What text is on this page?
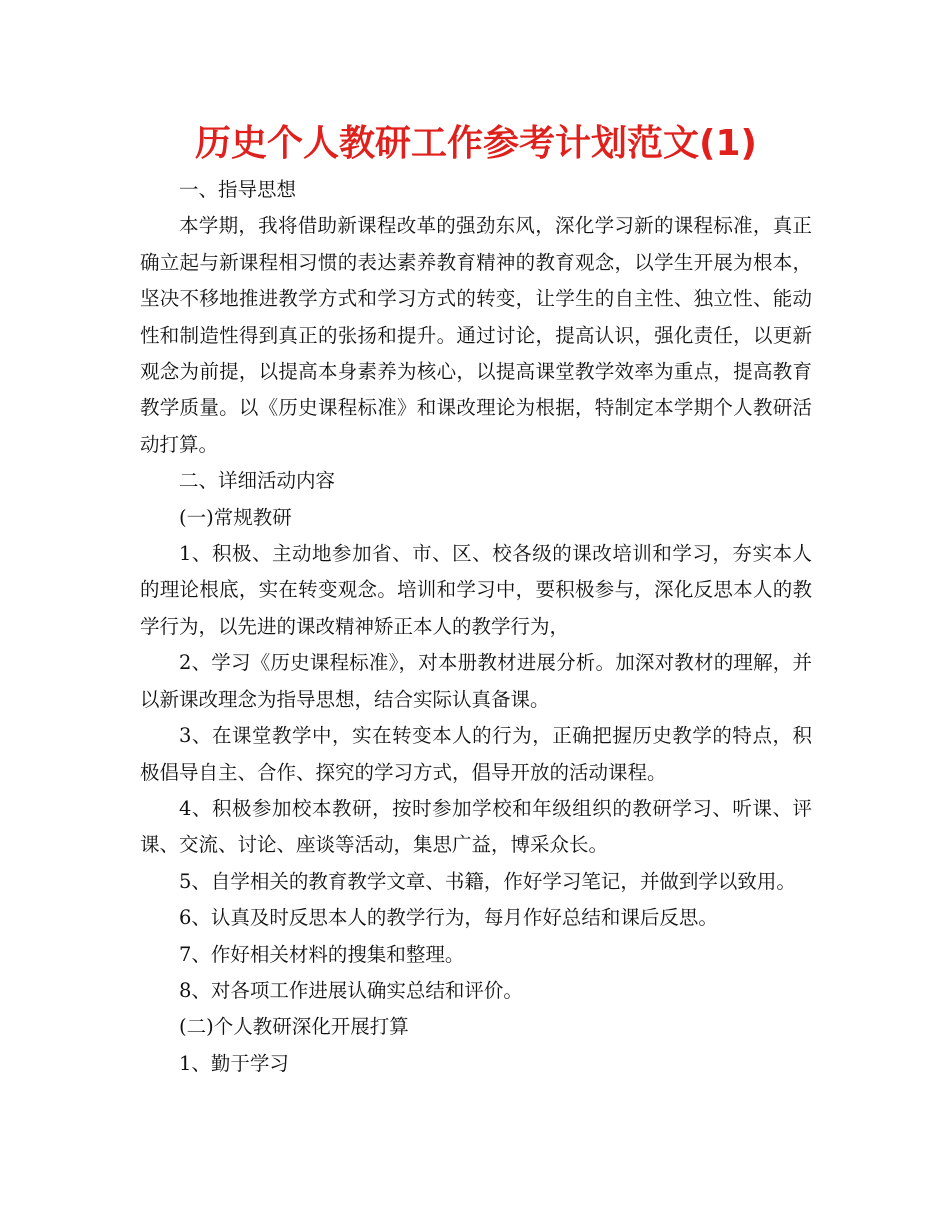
历史个人教研工作参考计划范文(1)

一、指导思想

本学期，我将借助新课程改革的强劲东风，深化学习新的课程标准，真正确立起与新课程相习惯的表达素养教育精神的教育观念，以学生开展为根本，坚决不移地推进教学方式和学习方式的转变，让学生的自主性、独立性、能动性和制造性得到真正的张扬和提升。通过讨论，提高认识，强化责任，以更新观念为前提，以提高本身素养为核心，以提高课堂教学效率为重点，提高教育教学质量。以《历史课程标准》和课改理论为根据，特制定本学期个人教研活动打算。

二、详细活动内容

(一)常规教研

1、积极、主动地参加省、市、区、校各级的课改培训和学习，夯实本人的理论根底，实在转变观念。培训和学习中，要积极参与，深化反思本人的教学行为，以先进的课改精神矫正本人的教学行为，

2、学习《历史课程标准》，对本册教材进展分析。加深对教材的理解，并以新课改理念为指导思想，结合实际认真备课。

3、在课堂教学中，实在转变本人的行为，正确把握历史教学的特点，积极倡导自主、合作、探究的学习方式，倡导开放的活动课程。

4、积极参加校本教研，按时参加学校和年级组织的教研学习、听课、评课、交流、讨论、座谈等活动，集思广益，博采众长。

5、自学相关的教育教学文章、书籍，作好学习笔记，并做到学以致用。

6、认真及时反思本人的教学行为，每月作好总结和课后反思。

7、作好相关材料的搜集和整理。

8、对各项工作进展认确实总结和评价。

(二)个人教研深化开展打算

1、勤于学习
